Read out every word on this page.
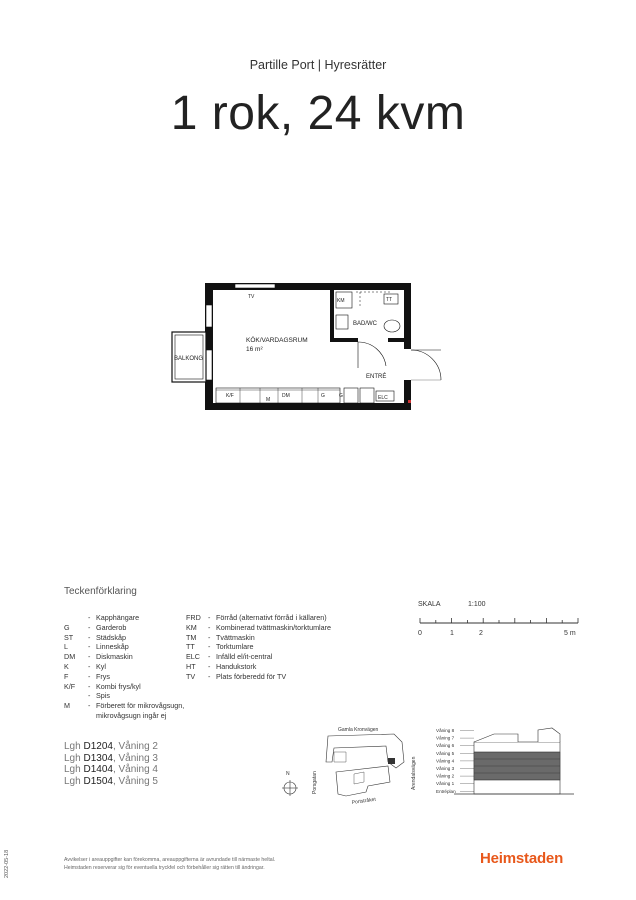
Partille Port | Hyresrätter
1 rok, 24 kvm
TV
KM	TT
BAD/WC
KÖK/VARDAGSRUM
16 m²
ENTRÉ
BALKONG
K/F
M
DM	G	G	ELC
Teckenförklaring
- Kapphängare
G	- Garderob
ST	- Städskåp
L	- Linneskåp
DM	- Diskmaskin
K	- Kyl
F	- Frys
K/F	- Kombi frys/kyl
- Spis
M	- Förberett för mikrovågsugn,
mikrovågsugn ingår ej
FRD	- Förråd (alternativt förråd i källaren)
KM	- Kombinerad tvättmaskin/torktumlare
TM	- Tvättmaskin
TT	- Torktumlare
ELC	- Infälld el/it-central
HT	- Handukstork
TV	- Plats förberedd för TV
Lgh D1204, Våning 2
Lgh D1304, Våning 3
Lgh D1404, Våning 4
Lgh D1504, Våning 5
SKALA	1:100
0	1	2	5 m
N
Gamla Kronvägen
Porsgatan	Arendalsvägen
Portstråket
Våning 8
Våning 7
Våning 6
Våning 5
Våning 4
Våning 3
Våning 2
Våning 1
Entréplan
Avvikelser i areauppgifter kan förekomma, areauppgifterna är avrundade till närmaste heltal.
Heimstaden reserverar sig för eventuella tryckfel och förbehåller sig rätten till ändringar.
Heimstaden
2022-05-18
